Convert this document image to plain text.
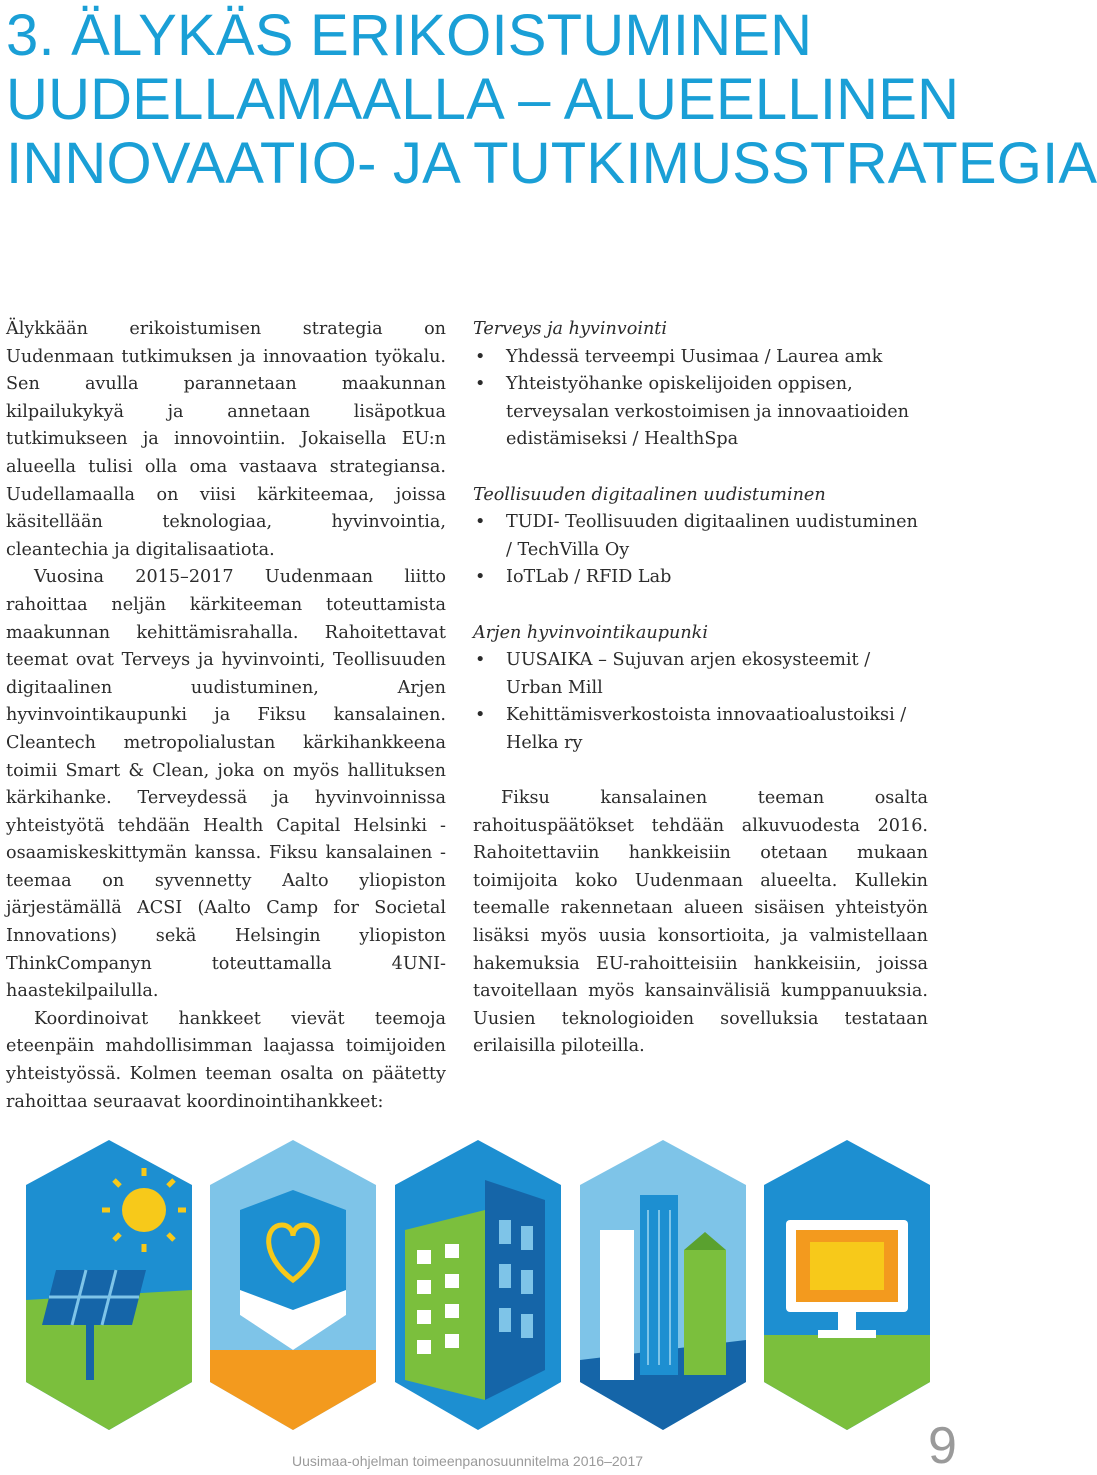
3. ÄLYKÄS ERIKOISTUMINEN
UUDELLAMAALLA – ALUEELLINEN
INNOVAATIO- JA TUTKIMUSSTRATEGIA

Älykkään erikoistumisen strategia on Uudenmaan tutkimuksen ja innovaation työkalu. Sen avulla parannetaan maakunnan kilpailukykyä ja annetaan lisäpotkua tutkimukseen ja innovointiin. Jokaisella EU:n alueella tulisi olla oma vastaava strategiansa. Uudellamaalla on viisi kärkiteemaa, joissa käsitellään teknologiaa, hyvinvointia, cleantechia ja digitalisaatiota.

Vuosina 2015–2017 Uudenmaan liitto rahoittaa neljän kärkiteeman toteuttamista maakunnan kehittämisrahalla. Rahoitettavat teemat ovat Terveys ja hyvinvointi, Teollisuuden digitaalinen uudistuminen, Arjen hyvinvointikaupunki ja Fiksu kansalainen. Cleantech metropolialustan kärkihankkeena toimii Smart & Clean, joka on myös hallituksen kärkihanke. Terveydessä ja hyvinvoinnissa yhteistyötä tehdään Health Capital Helsinki -osaamiskeskittymän kanssa. Fiksu kansalainen -teemaa on syvennetty Aalto yliopiston järjestämällä ACSI (Aalto Camp for Societal Innovations) sekä Helsingin yliopiston ThinkCompanyn toteuttamalla 4UNI-haastekilpailulla.

Koordinoivat hankkeet vievät teemoja eteenpäin mahdollisimman laajassa toimijoiden yhteistyössä. Kolmen teeman osalta on päätetty rahoittaa seuraavat koordinointihankkeet:

Terveys ja hyvinvointi

• Yhdessä terveempi Uusimaa / Laurea amk
• Yhteistyöhanke opiskelijoiden oppisen, terveysalan verkostoimisen ja innovaatioiden edistämiseksi / HealthSpa

Teollisuuden digitaalinen uudistuminen

• TUDI- Teollisuuden digitaalinen uudistuminen / TechVilla Oy
• IoTLab / RFID Lab

Arjen hyvinvointikaupunki

• UUSAIKA – Sujuvan arjen ekosysteemit / Urban Mill
• Kehittämisverkostoista innovaatioalustoiksi / Helka ry

Fiksu kansalainen teeman osalta rahoituspäätökset tehdään alkuvuodesta 2016. Rahoitettaviin hankkeisiin otetaan mukaan toimijoita koko Uudenmaan alueelta. Kullekin teemalle rakennetaan alueen sisäisen yhteistyön lisäksi myös uusia konsortioita, ja valmistellaan hakemuksia EU-rahoitteisiin hankkeisiin, joissa tavoitellaan myös kansainvälisiä kumppanuuksia. Uusien teknologioiden sovelluksia testataan erilaisilla piloteilla.

Uusimaa-ohjelman toimeenpanosuunnitelma 2016–2017	9
